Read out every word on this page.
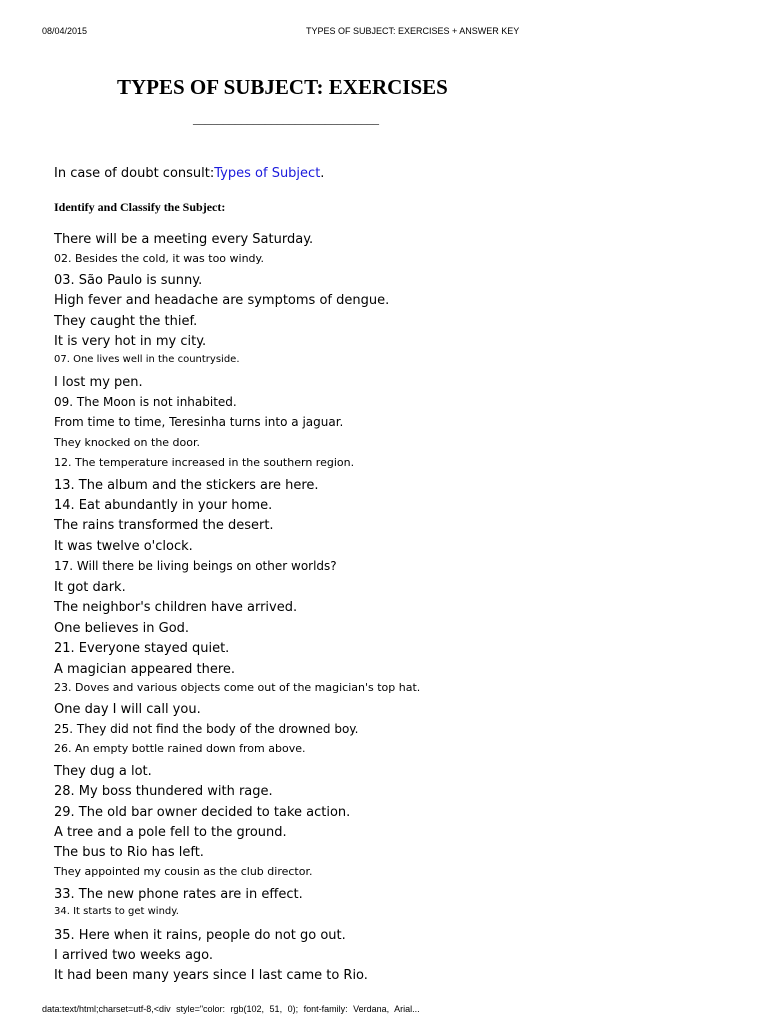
08/04/2015	TYPES OF SUBJECT: EXERCISES + ANSWER KEY
TYPES OF SUBJECT: EXERCISES
_______________________________
In case of doubt consult:Types of Subject.
Identify and Classify the Subject:
There will be a meeting every Saturday.
02. Besides the cold, it was too windy.
03. São Paulo is sunny.
High fever and headache are symptoms of dengue.
They caught the thief.
It is very hot in my city.
07. One lives well in the countryside.
I lost my pen.
09. The Moon is not inhabited.
From time to time, Teresinha turns into a jaguar.
They knocked on the door.
12. The temperature increased in the southern region.
13. The album and the stickers are here.
14. Eat abundantly in your home.
The rains transformed the desert.
It was twelve o'clock.
17. Will there be living beings on other worlds?
It got dark.
The neighbor's children have arrived.
One believes in God.
21. Everyone stayed quiet.
A magician appeared there.
23. Doves and various objects come out of the magician's top hat.
One day I will call you.
25. They did not find the body of the drowned boy.
26. An empty bottle rained down from above.
They dug a lot.
28. My boss thundered with rage.
29. The old bar owner decided to take action.
A tree and a pole fell to the ground.
The bus to Rio has left.
They appointed my cousin as the club director.
33. The new phone rates are in effect.
34. It starts to get windy.
35. Here when it rains, people do not go out.
I arrived two weeks ago.
It had been many years since I last came to Rio.
data:text/html;charset=utf-8,<div style="color: rgb(102, 51, 0); font-family: Verdana, Arial...
